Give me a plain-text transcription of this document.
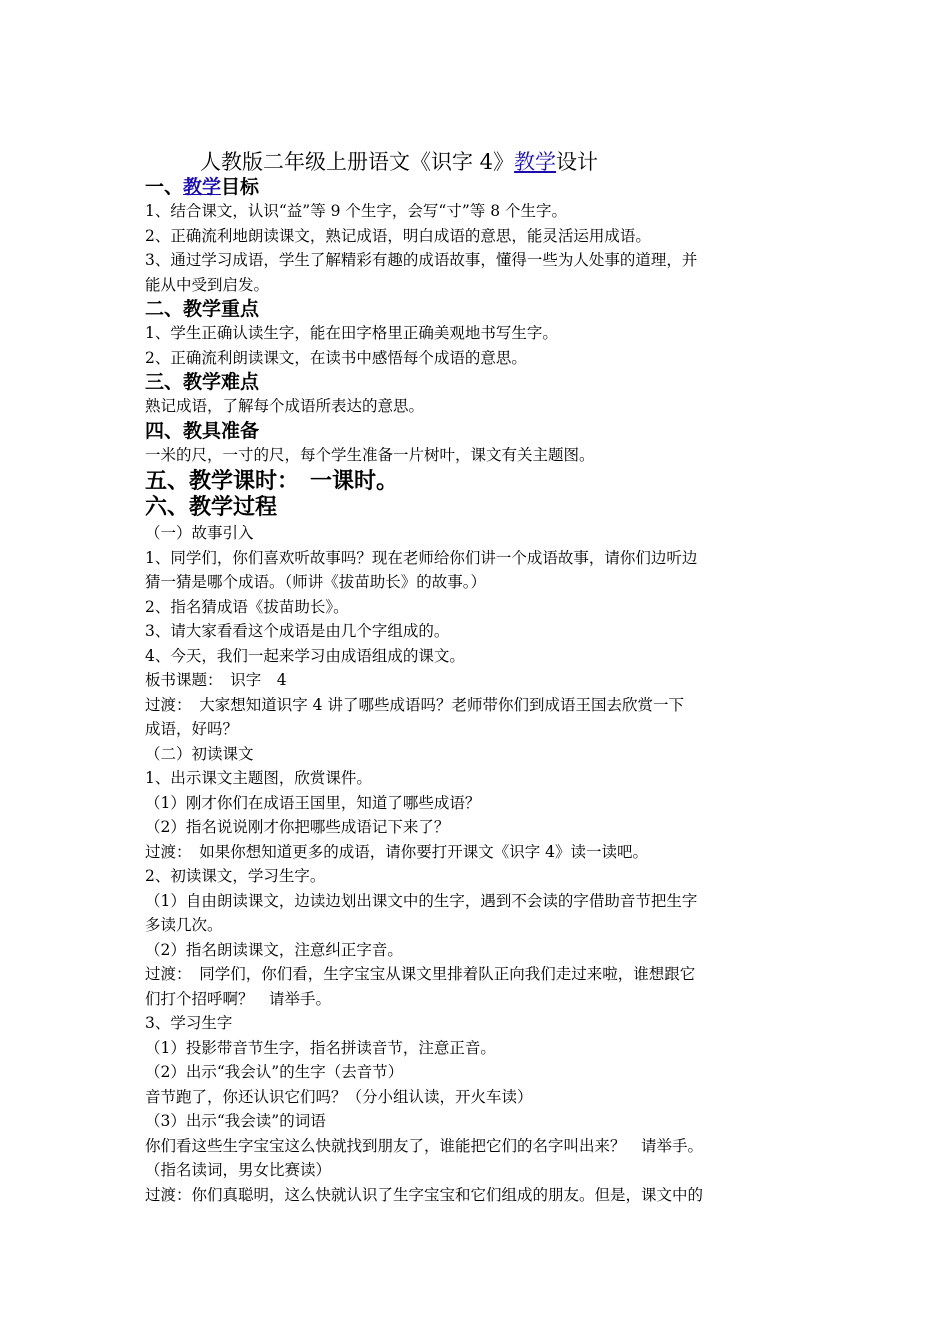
人教版二年级上册语文《识字 4》教学设计
一、教学目标

1、结合课文，认识“益”等 9 个生字，会写“寸”等 8 个生字。

2、正确流利地朗读课文，熟记成语，明白成语的意思，能灵活运用成语。

3、通过学习成语，学生了解精彩有趣的成语故事，懂得一些为人处事的道理，并

能从中受到启发。

二、教学重点

1、学生正确认读生字，能在田字格里正确美观地书写生字。

2、正确流利朗读课文，在读书中感悟每个成语的意思。

三、教学难点

熟记成语，了解每个成语所表达的意思。

四、教具准备

一米的尺，一寸的尺，每个学生准备一片树叶，课文有关主题图。

五、教学课时：　一课时。
六、教学过程

（一）故事引入

1、同学们，你们喜欢听故事吗？现在老师给你们讲一个成语故事，请你们边听边

猜一猜是哪个成语。（师讲《拔苗助长》的故事。）

2、指名猜成语《拔苗助长》。

3、请大家看看这个成语是由几个字组成的。

4、今天，我们一起来学习由成语组成的课文。

板书课题：　识字　4

过渡：　大家想知道识字 4 讲了哪些成语吗？老师带你们到成语王国去欣赏一下

成语，好吗？

（二）初读课文

1、出示课文主题图，欣赏课件。

（1）刚才你们在成语王国里，知道了哪些成语？

（2）指名说说刚才你把哪些成语记下来了？

过渡：　如果你想知道更多的成语，请你要打开课文《识字 4》读一读吧。

2、初读课文，学习生字。

（1）自由朗读课文，边读边划出课文中的生字，遇到不会读的字借助音节把生字

多读几次。

（2）指名朗读课文，注意纠正字音。

过渡：　同学们，你们看，生字宝宝从课文里排着队正向我们走过来啦，谁想跟它

们打个招呼啊？　请举手。

3、学习生字

（1）投影带音节生字，指名拼读音节，注意正音。

（2）出示“我会认”的生字（去音节）

音节跑了，你还认识它们吗？（分小组认读，开火车读）

（3）出示“我会读”的词语

你们看这些生字宝宝这么快就找到朋友了，谁能把它们的名字叫出来？　请举手。

（指名读词，男女比赛读）

过渡：你们真聪明，这么快就认识了生字宝宝和它们组成的朋友。但是，课文中的
